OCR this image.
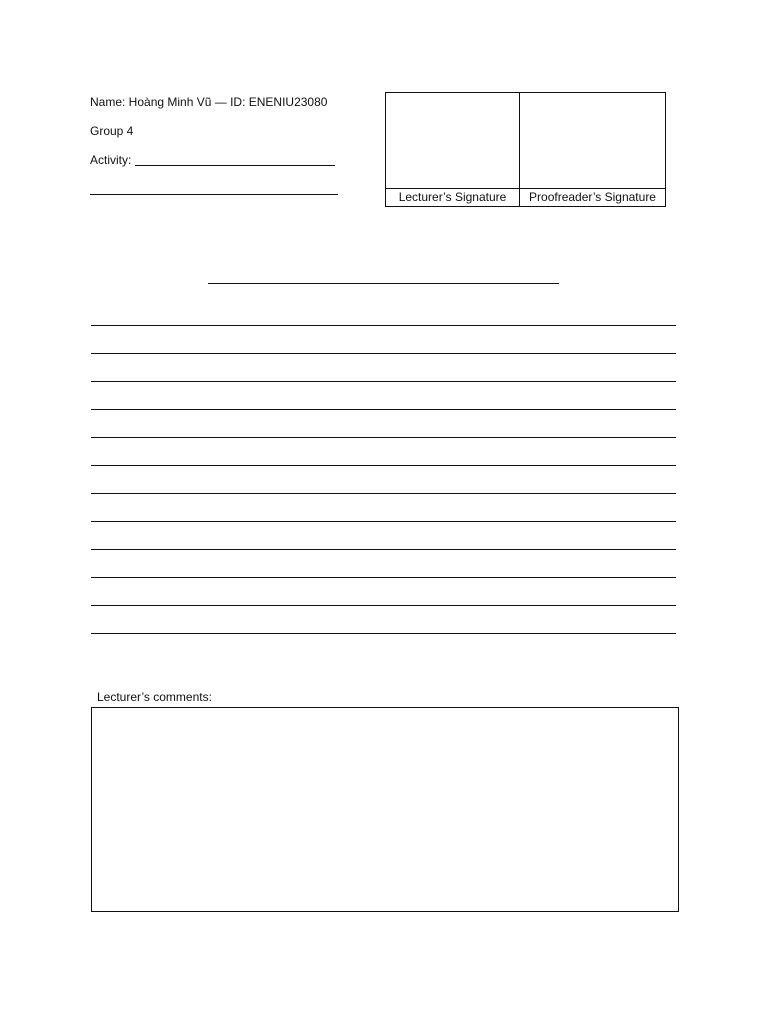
Name: Hoàng Minh Vũ — ID: ENENIU23080
Group 4
Activity:
Lecturer’s Signature	Proofreader’s Signature
Lecturer’s comments:
